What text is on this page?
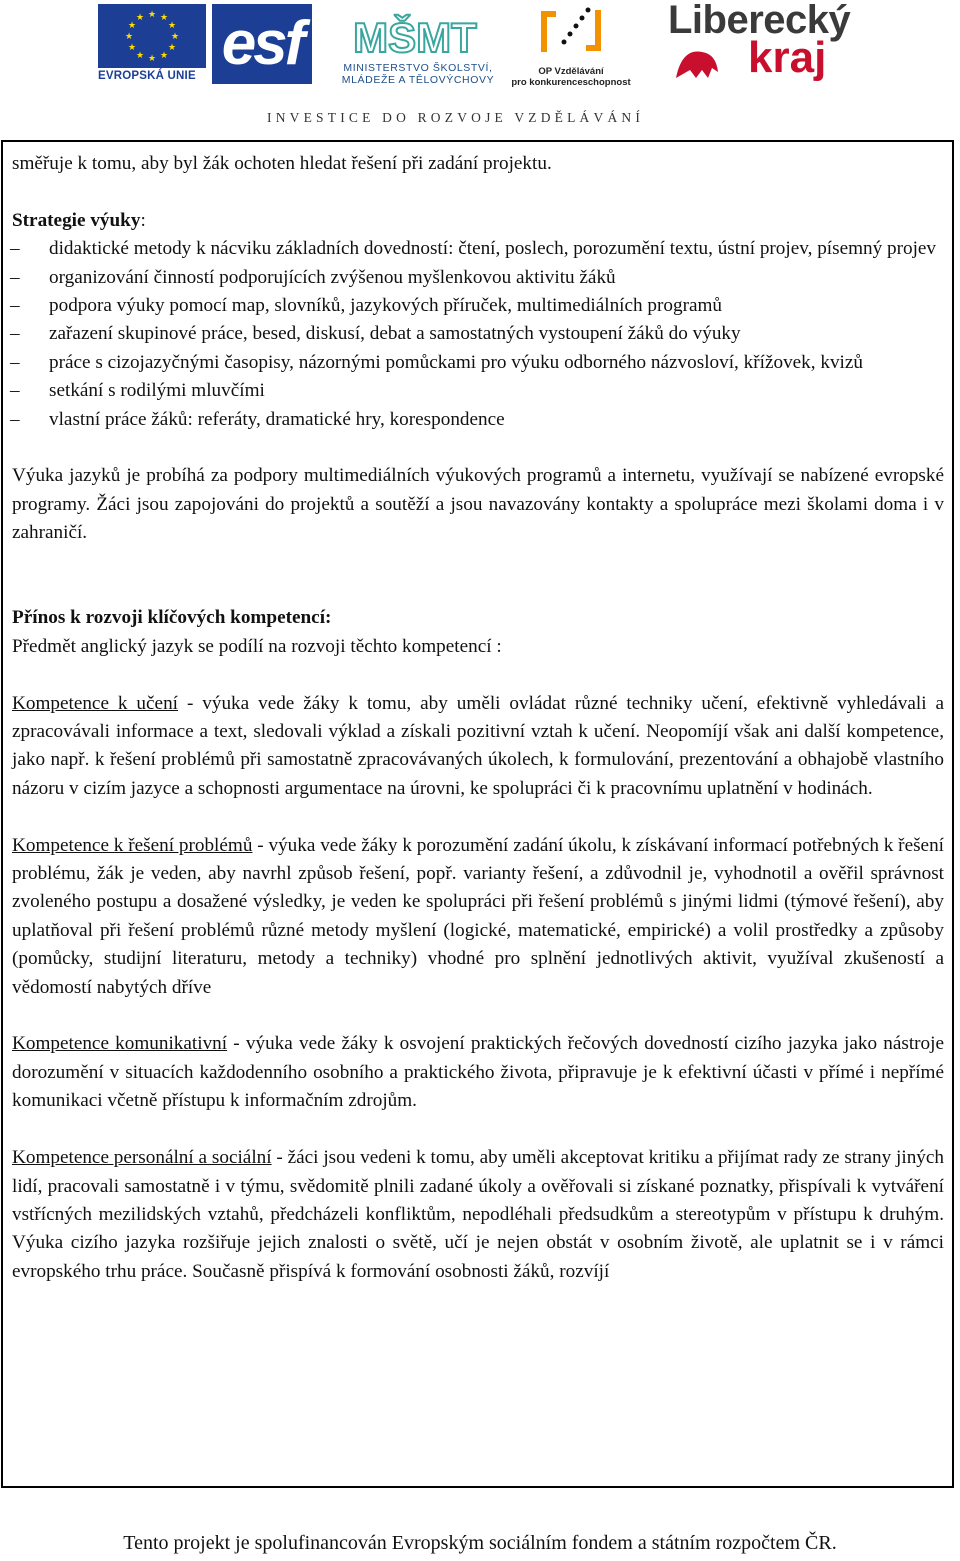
★ ★
★
★
★
★
★
★
★
★
★
★
EVROPSKÁ UNIE esf MŠMT
MINISTERSTVO ŠKOLSTVÍ,
MLÁDEŽE A TĚLOVÝCHOVY
OP Vzdělávání
pro konkurenceschopnost
Liberecký
kraj
INVESTICE DO ROZVOJE VZDĚLÁVÁNÍ

směřuje k tomu, aby byl žák ochoten hledat řešení při zadání projektu.

Strategie výuky:

– didaktické metody k nácviku základních dovedností: čtení, poslech, porozumění textu, ústní projev, písemný projev
– organizování činností podporujících zvýšenou myšlenkovou aktivitu žáků
– podpora výuky pomocí map, slovníků, jazykových příruček, multimediálních programů
– zařazení skupinové práce, besed, diskusí, debat a samostatných vystoupení žáků do výuky
– práce s cizojazyčnými časopisy, názornými pomůckami pro výuku odborného názvosloví, křížovek, kvizů
– setkání s rodilými mluvčími
– vlastní práce žáků: referáty, dramatické hry, korespondence

Výuka jazyků je probíhá za podpory multimediálních výukových programů a internetu, využívají se nabízené evropské programy. Žáci jsou zapojováni do projektů a soutěží a jsou navazovány kontakty a spolupráce mezi školami doma i v zahraničí.

Přínos k rozvoji klíčových kompetencí:

Předmět anglický jazyk se podílí na rozvoji těchto kompetencí :

Kompetence k učení - výuka vede žáky k tomu, aby uměli ovládat různé techniky učení, efektivně vyhledávali a zpracovávali informace a text, sledovali výklad a získali pozitivní vztah k učení. Neopomíjí však ani další kompetence, jako např. k řešení problémů při samostatně zpracovávaných úkolech, k formulování, prezentování a obhajobě vlastního názoru v cizím jazyce a schopnosti argumentace na úrovni, ke spolupráci či k pracovnímu uplatnění v hodinách.

Kompetence k řešení problémů - výuka vede žáky k porozumění zadání úkolu, k získávaní informací potřebných k řešení problému, žák je veden, aby navrhl způsob řešení, popř. varianty řešení, a zdůvodnil je, vyhodnotil a ověřil správnost zvoleného postupu a dosažené výsledky, je veden ke spolupráci při řešení problémů s jinými lidmi (týmové řešení), aby uplatňoval při řešení problémů různé metody myšlení (logické, matematické, empirické) a volil prostředky a způsoby (pomůcky, studijní literaturu, metody a techniky) vhodné pro splnění jednotlivých aktivit, využíval zkušeností a vědomostí nabytých dříve

Kompetence komunikativní - výuka vede žáky k osvojení praktických řečových dovedností cizího jazyka jako nástroje dorozumění v situacích každodenního osobního a praktického života, připravuje je k efektivní účasti v přímé i nepřímé komunikaci včetně přístupu k informačním zdrojům.

Kompetence personální a sociální - žáci jsou vedeni k tomu, aby uměli akceptovat kritiku a přijímat rady ze strany jiných lidí, pracovali samostatně i v týmu, svědomitě plnili zadané úkoly a ověřovali si získané poznatky, přispívali k vytváření vstřícných mezilidských vztahů, předcházeli konfliktům, nepodléhali předsudkům a stereotypům v přístupu k druhým. Výuka cizího jazyka rozšiřuje jejich znalosti o světě, učí je nejen obstát v osobním životě, ale uplatnit se i v rámci evropského trhu práce. Současně přispívá k formování osobnosti žáků, rozvíjí

Tento projekt je spolufinancován Evropským sociálním fondem a státním rozpočtem ČR.
